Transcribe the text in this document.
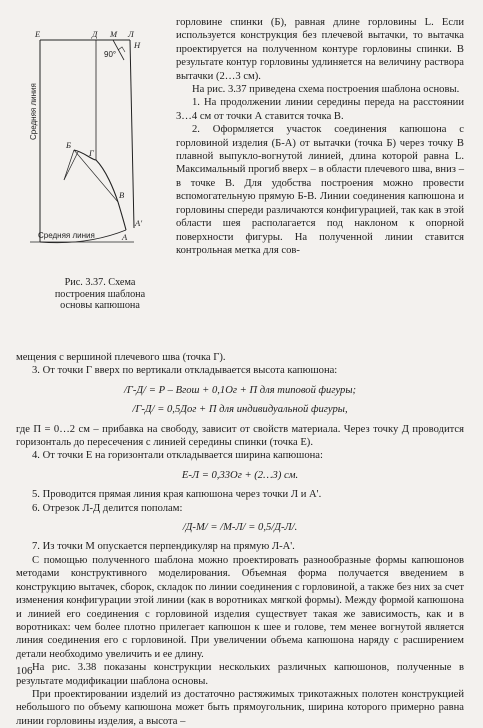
Е	Д М Л
Н
90°
Средняя линия
Б
Г
В
А
А'
Средняя линия
Рис. 3.37. Схема построения шаблона основы капюшона

горловине спинки (Б), равная длине горловины L. Если используется конструкция без плечевой вытачки, то вытачка проектируется на полученном контуре горловины спинки. В результате контур горловины удлиняется на величину раствора вытачки (2…3 см).

На рис. 3.37 приведена схема построения шаблона основы.

1. На продолжении линии середины переда на расстоянии 3…4 см от точки А ставится точка В.

2. Оформляется участок соединения капюшона с горловиной изделия (Б-А) от вытачки (точка Б) через точку В плавной выпукло-вогнутой линией, длина которой равна L. Максимальный прогиб вверх – в области плечевого шва, вниз – в точке В. Для удобства построения можно провести вспомогательную прямую Б-В. Линии соединения капюшона и горловины спереди различаются конфигурацией, так как в этой области шея располагается под наклоном к опорной поверхности фигуры. На полученной линии ставится контрольная метка для сов-

мещения с вершиной плечевого шва (точка Г).

3. От точки Г вверх по вертикали откладывается высота капюшона:

/Г-Д/ = Р – Вгош + 0,1Ог + П для типовой фигуры;

/Г-Д/ = 0,5Дог + П для индивидуальной фигуры,

где П = 0…2 см – прибавка на свободу, зависит от свойств материала. Через точку Д проводится горизонталь до пересечения с линией середины спинки (точка Е).

4. От точки Е на горизонтали откладывается ширина капюшона:

Е-Л = 0,33Ог + (2…3) см.

5. Проводится прямая линия края капюшона через точки Л и А'.

6. Отрезок Л-Д делится пополам:

/Д-М/ = /М-Л/ = 0,5/Д-Л/.

7. Из точки М опускается перпендикуляр на прямую Л-А'.

С помощью полученного шаблона можно проектировать разнообразные формы капюшонов методами конструктивного моделирования. Объемная форма получается введением в конструкцию вытачек, сборок, складок по линии соединения с горловиной, а также без них за счет изменения конфигурации этой линии (как в воротниках мягкой формы). Между формой капюшона и линией его соединения с горловиной изделия существует такая же зависимость, как и в воротниках: чем более плотно прилегает капюшон к шее и голове, тем менее вогнутой является линия соединения его с горловиной. При увеличении объема капюшона наряду с расширением детали необходимо увеличить и ее длину.

На рис. 3.38 показаны конструкции нескольких различных капюшонов, полученные в результате модификации шаблона основы.

При проектировании изделий из достаточно растяжимых трикотажных полотен конструкцией небольшого по объему капюшона может быть прямоугольник, ширина которого примерно равна линии горловины изделия, а высота –

106
